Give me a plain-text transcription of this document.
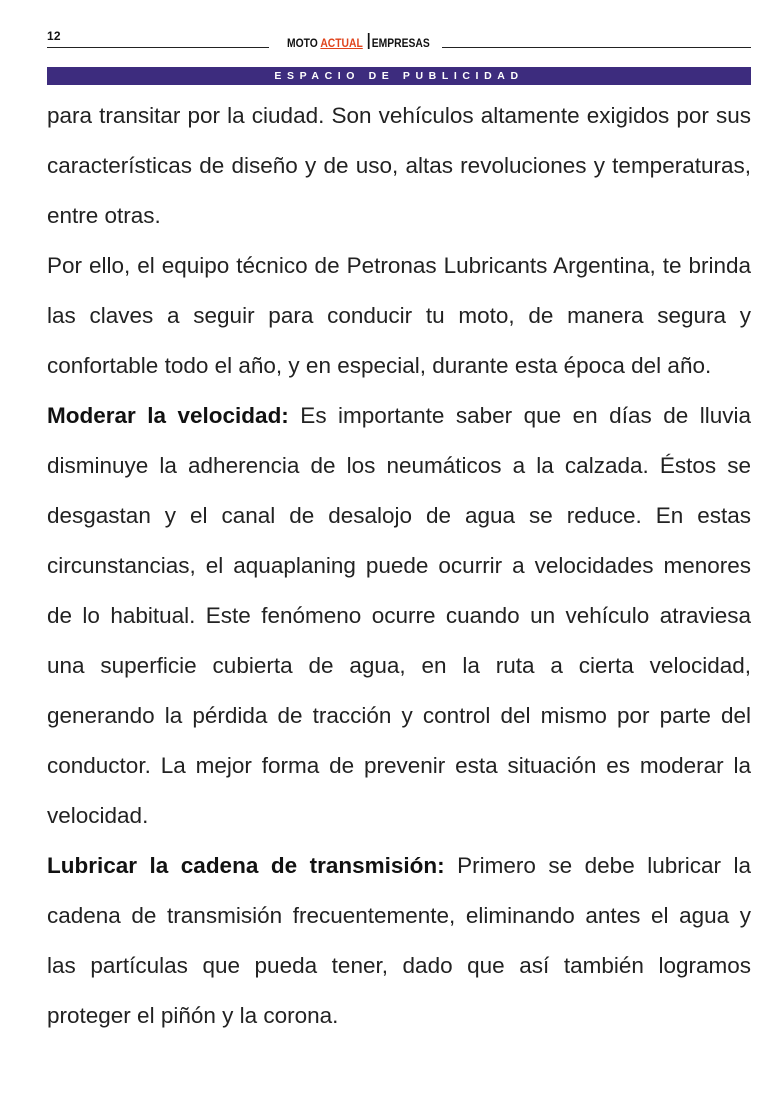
12	MOTO ACTUAL EMPRESAS
ESPACIO DE PUBLICIDAD

para transitar por la ciudad. Son vehículos altamente exigidos por sus características de diseño y de uso, altas revoluciones y temperaturas, entre otras.

Por ello, el equipo técnico de Petronas Lubricants Argentina, te brinda las claves a seguir para conducir tu moto, de manera segura y confortable todo el año, y en especial, durante esta época del año.

Moderar la velocidad: Es importante saber que en días de lluvia disminuye la adherencia de los neumáticos a la calzada. Éstos se desgastan y el canal de desalojo de agua se reduce. En estas circunstancias, el aquaplaning puede ocurrir a velocidades menores de lo habitual. Este fenómeno ocurre cuando un vehículo atraviesa una superficie cubierta de agua, en la ruta a cierta velocidad, generando la pérdida de tracción y control del mismo por parte del conductor. La mejor forma de prevenir esta situación es moderar la velocidad.

Lubricar la cadena de transmisión: Primero se debe lubricar la cadena de transmisión frecuentemente, eliminando antes el agua y las partículas que pueda tener, dado que así también logramos proteger el piñón y la corona.
